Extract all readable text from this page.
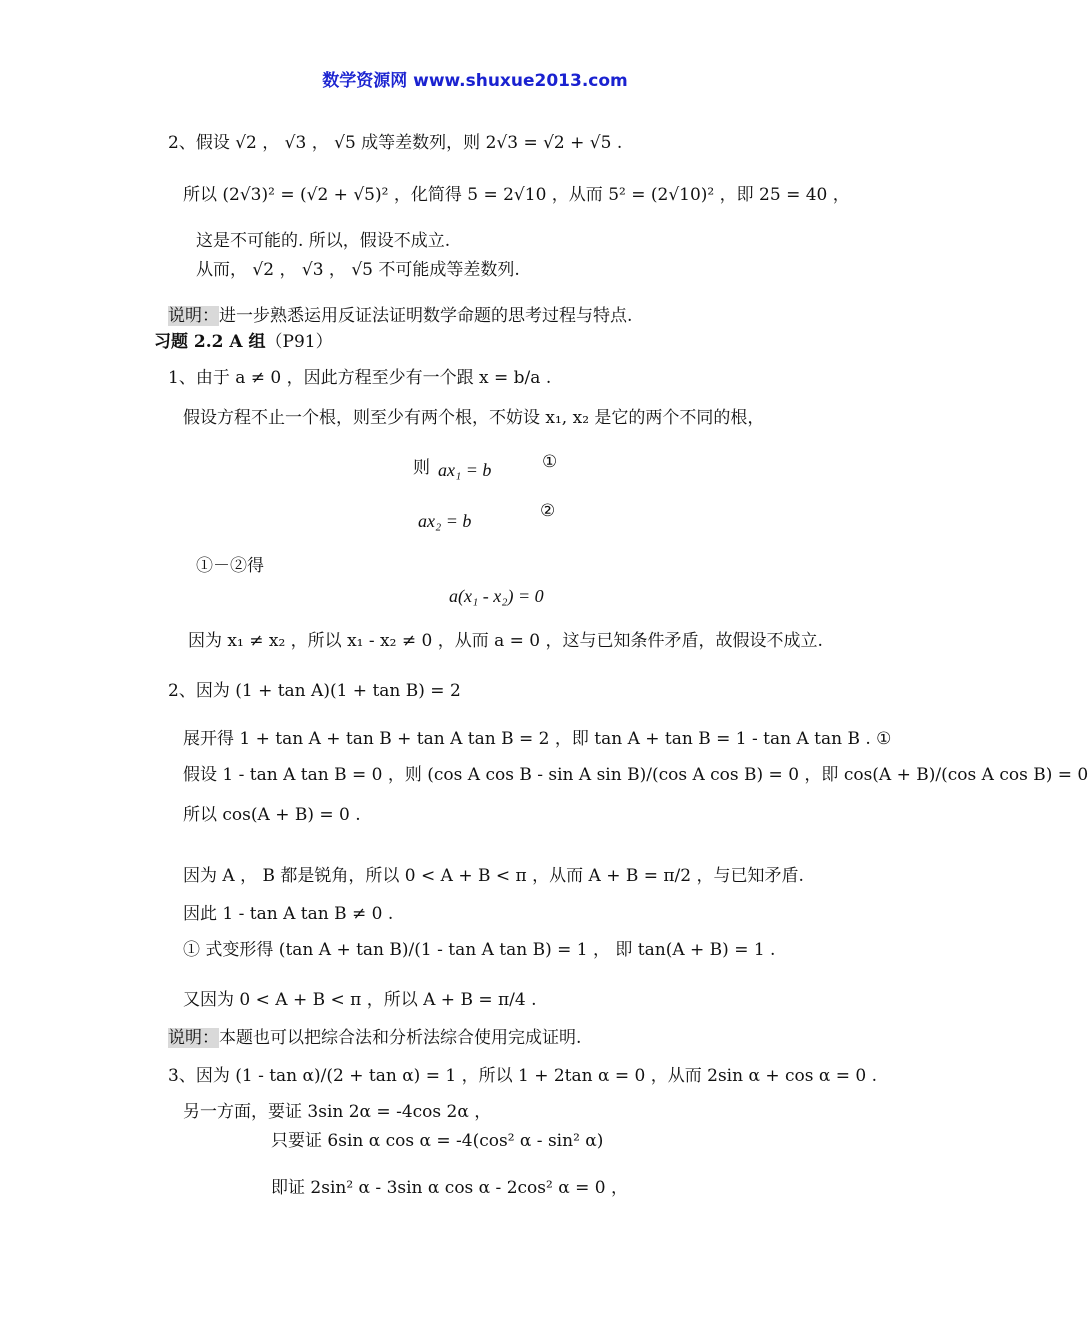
数学资源网 www.shuxue2013.com
2、假设 √2 ， √3 ， √5 成等差数列，则 2√3 = √2 + √5 .
所以 (2√3)² = (√2 + √5)² ，化简得 5 = 2√10 ，从而 5² = (2√10)² ，即 25 = 40 ，
这是不可能的. 所以，假设不成立.
从而， √2 ， √3 ， √5 不可能成等差数列.
说明：进一步熟悉运用反证法证明数学命题的思考过程与特点.
习题 2.2 A 组（P91）
1、由于 a ≠ 0 ，因此方程至少有一个跟 x = b/a .
假设方程不止一个根，则至少有两个根，不妨设 x₁, x₂ 是它的两个不同的根，
则 ax₁ = b	①
ax₂ = b	②
①－②得
a(x₁ - x₂) = 0
因为 x₁ ≠ x₂ ，所以 x₁ - x₂ ≠ 0 ，从而 a = 0 ，这与已知条件矛盾，故假设不成立.
2、因为 (1 + tan A)(1 + tan B) = 2
展开得 1 + tan A + tan B + tan A tan B = 2 ，即 tan A + tan B = 1 - tan A tan B . ①
假设 1 - tan A tan B = 0 ，则 (cos A cos B - sin A sin B)/(cos A cos B) = 0 ，即 cos(A + B)/(cos A cos B) = 0
所以 cos(A + B) = 0 .
因为 A ， B 都是锐角，所以 0 < A + B < π ，从而 A + B = π/2 ，与已知矛盾.
因此 1 - tan A tan B ≠ 0 .
① 式变形得 (tan A + tan B)/(1 - tan A tan B) = 1 ， 即 tan(A + B) = 1 .
又因为 0 < A + B < π ，所以 A + B = π/4 .
说明：本题也可以把综合法和分析法综合使用完成证明.
3、因为 (1 - tan α)/(2 + tan α) = 1 ，所以 1 + 2tan α = 0 ，从而 2sin α + cos α = 0 .
另一方面，要证 3sin 2α = -4cos 2α ，
只要证 6sin α cos α = -4(cos² α - sin² α)
即证 2sin² α - 3sin α cos α - 2cos² α = 0 ，
